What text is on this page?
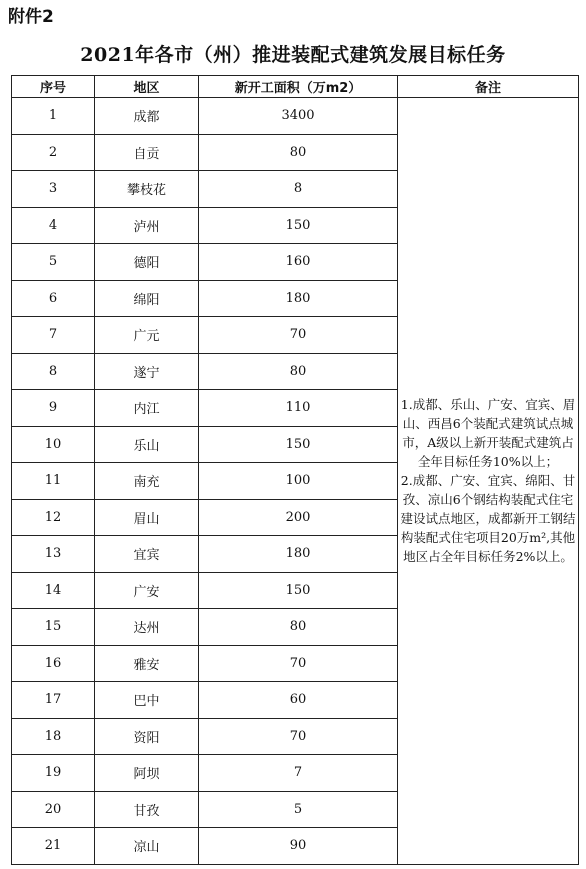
附件2
2021年各市（州）推进装配式建筑发展目标任务
序号	地区	新开工面积（万m2）	备注
1	成都	3400	1.成都、乐山、广安、宜宾、眉山、西昌6个装配式建筑试点城市，A级以上新开装配式建筑占全年目标任务10%以上；

2.成都、广安、宜宾、绵阳、甘孜、凉山6个钢结构装配式住宅建设试点地区，成都新开工钢结构装配式住宅项目20万m²,其他地区占全年目标任务2%以上。

2	自贡	80	
3	攀枝花	8	
4	泸州	150	
5	德阳	160	
6	绵阳	180	
7	广元	70	
8	遂宁	80	
9	内江	110	
10	乐山	150	
11	南充	100	
12	眉山	200	
13	宜宾	180	
14	广安	150	
15	达州	80	
16	雅安	70	
17	巴中	60	
18	资阳	70	
19	阿坝	7	
20	甘孜	5	
21	凉山	90	
